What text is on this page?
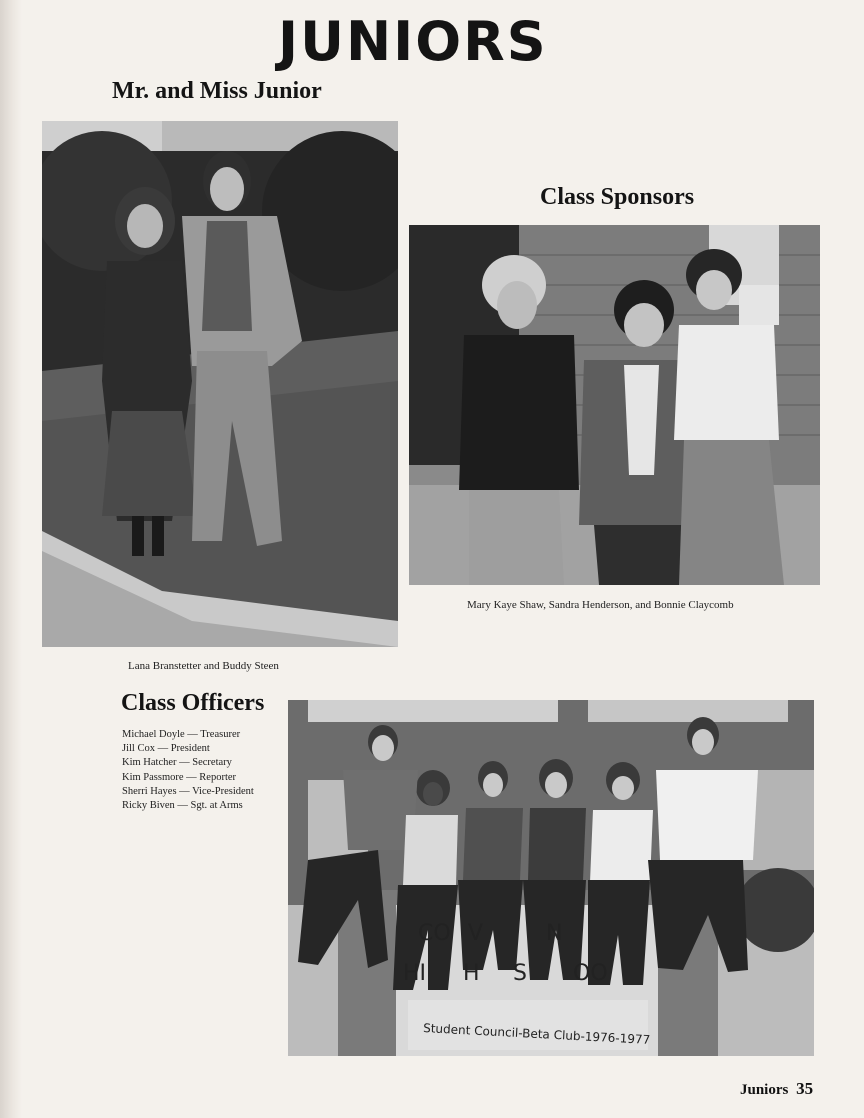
JUNIORS
Mr. and Miss Junior
Lana Branstetter and Buddy Steen
Class Sponsors
Mary Kaye Shaw, Sandra Henderson, and Bonnie Claycomb
Class Officers
Michael Doyle — Treasurer
Jill Cox — President
Kim Hatcher — Secretary
Kim Passmore — Reporter
Sherri Hayes — Vice-President
Ricky Biven — Sgt. at Arms
CO V	N
HI H S OO
Student Council-Beta Club-1976-1977
Juniors 35
